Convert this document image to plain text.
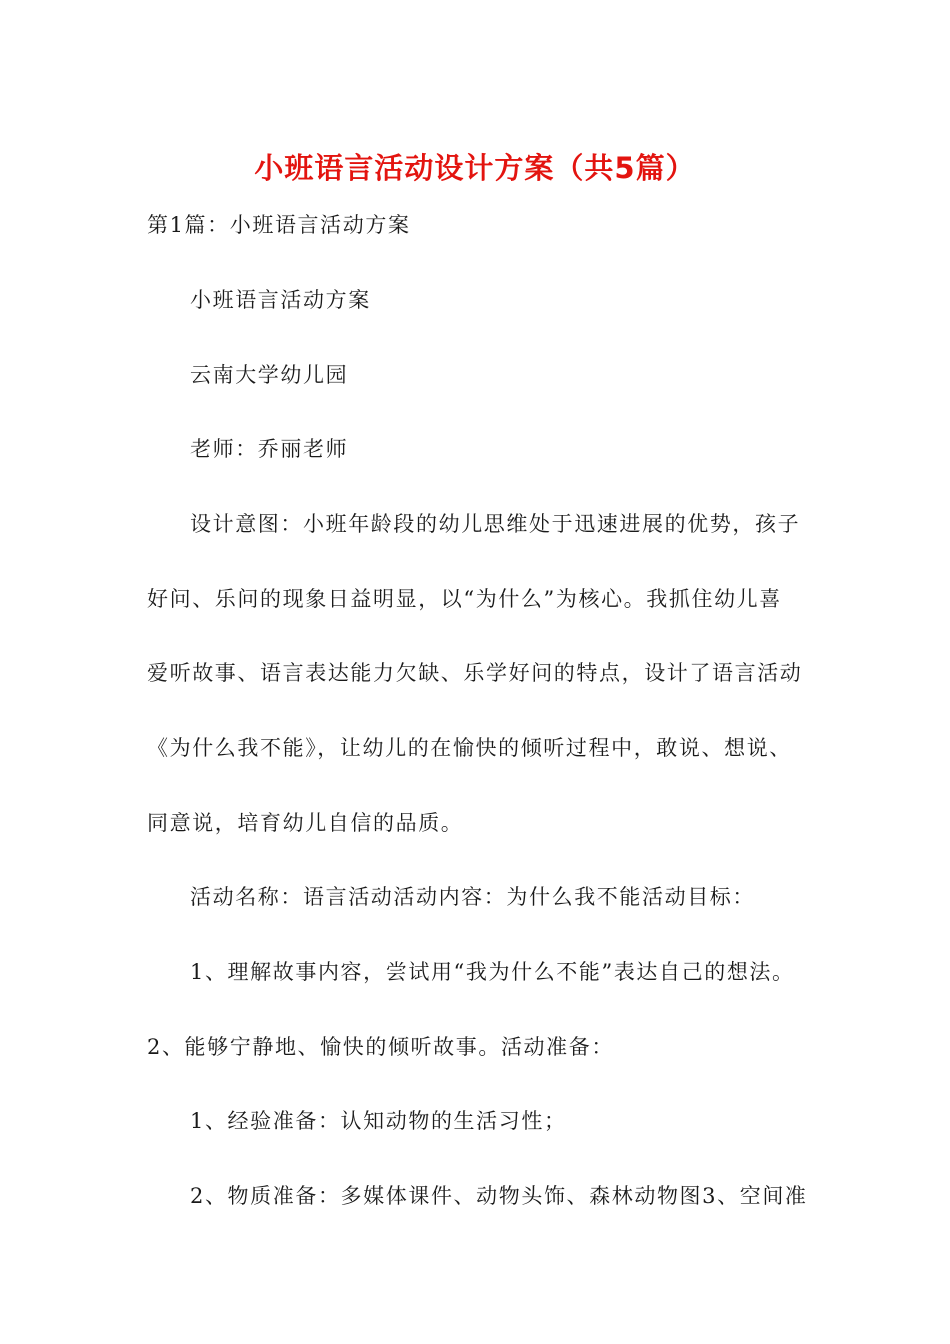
小班语言活动设计方案（共5篇）
第1篇：小班语言活动方案
小班语言活动方案
云南大学幼儿园
老师：乔丽老师
设计意图：小班年龄段的幼儿思维处于迅速进展的优势，孩子
好问、乐问的现象日益明显，以“为什么”为核心。我抓住幼儿喜
爱听故事、语言表达能力欠缺、乐学好问的特点，设计了语言活动
《为什么我不能》，让幼儿的在愉快的倾听过程中，敢说、想说、
同意说，培育幼儿自信的品质。
活动名称：语言活动活动内容：为什么我不能活动目标：
1、理解故事内容，尝试用“我为什么不能”表达自己的想法。
2、能够宁静地、愉快的倾听故事。活动准备：
1、经验准备：认知动物的生活习性；
2、物质准备：多媒体课件、动物头饰、森林动物图3、空间准
